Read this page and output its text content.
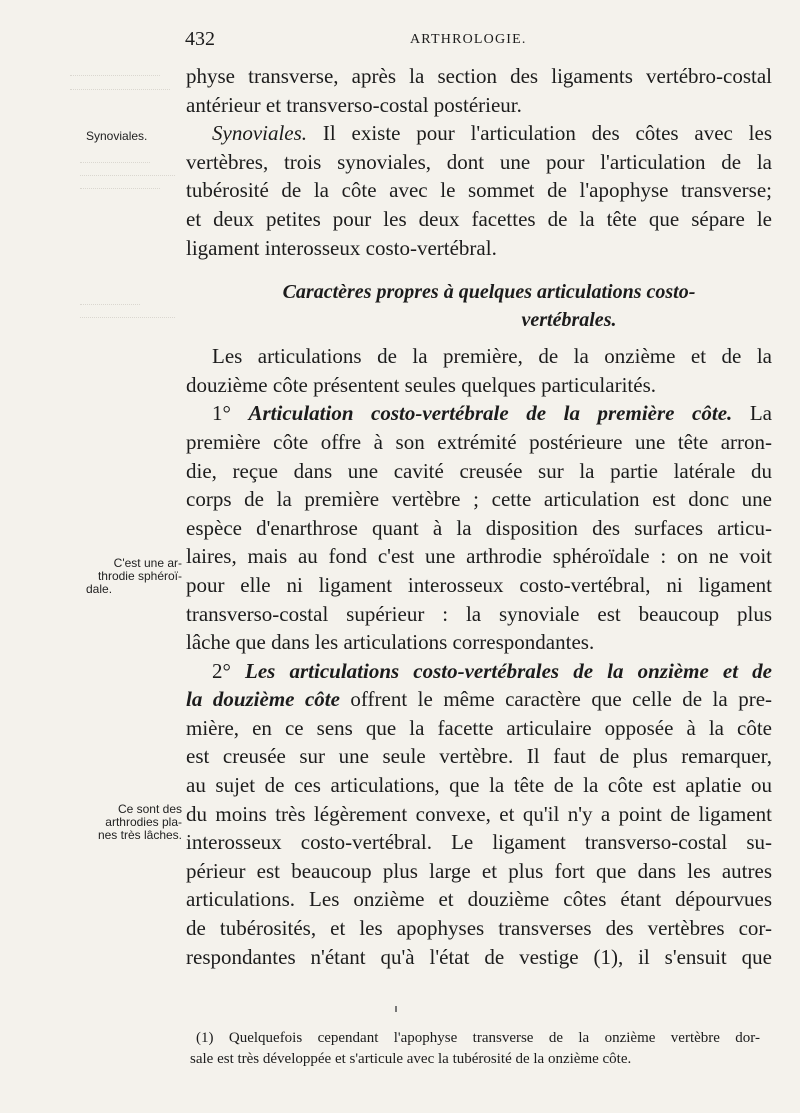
432	ARTHROLOGIE.
Synoviales.
C'est une ar-
throdie sphéroï-
dale.
Ce sont des
arthrodies pla-
nes très lâches.
physe transverse, après la section des ligaments vertébro-costal
antérieur et transverso-costal postérieur.
Synoviales. Il existe pour l'articulation des côtes avec les
vertèbres, trois synoviales, dont une pour l'articulation de la
tubérosité de la côte avec le sommet de l'apophyse transverse;
et deux petites pour les deux facettes de la tête que sépare le
ligament interosseux costo-vertébral.
Caractères propres à quelques articulations costo-
vertébrales.
Les articulations de la première, de la onzième et de la
douzième côte présentent seules quelques particularités.
1° Articulation costo-vertébrale de la première côte. La
première côte offre à son extrémité postérieure une tête arron-
die, reçue dans une cavité creusée sur la partie latérale du
corps de la première vertèbre ; cette articulation est donc une
espèce d'enarthrose quant à la disposition des surfaces articu-
laires, mais au fond c'est une arthrodie sphéroïdale : on ne voit
pour elle ni ligament interosseux costo-vertébral, ni ligament
transverso-costal supérieur : la synoviale est beaucoup plus
lâche que dans les articulations correspondantes.
2° Les articulations costo-vertébrales de la onzième et de
la douzième côte offrent le même caractère que celle de la pre-
mière, en ce sens que la facette articulaire opposée à la côte
est creusée sur une seule vertèbre. Il faut de plus remarquer,
au sujet de ces articulations, que la tête de la côte est aplatie ou
du moins très légèrement convexe, et qu'il n'y a point de ligament
interosseux costo-vertébral. Le ligament transverso-costal su-
périeur est beaucoup plus large et plus fort que dans les autres
articulations. Les onzième et douzième côtes étant dépourvues
de tubérosités, et les apophyses transverses des vertèbres cor-
respondantes n'étant qu'à l'état de vestige (1), il s'ensuit que
(1) Quelquefois cependant l'apophyse transverse de la onzième vertèbre dor-
sale est très développée et s'articule avec la tubérosité de la onzième côte.
